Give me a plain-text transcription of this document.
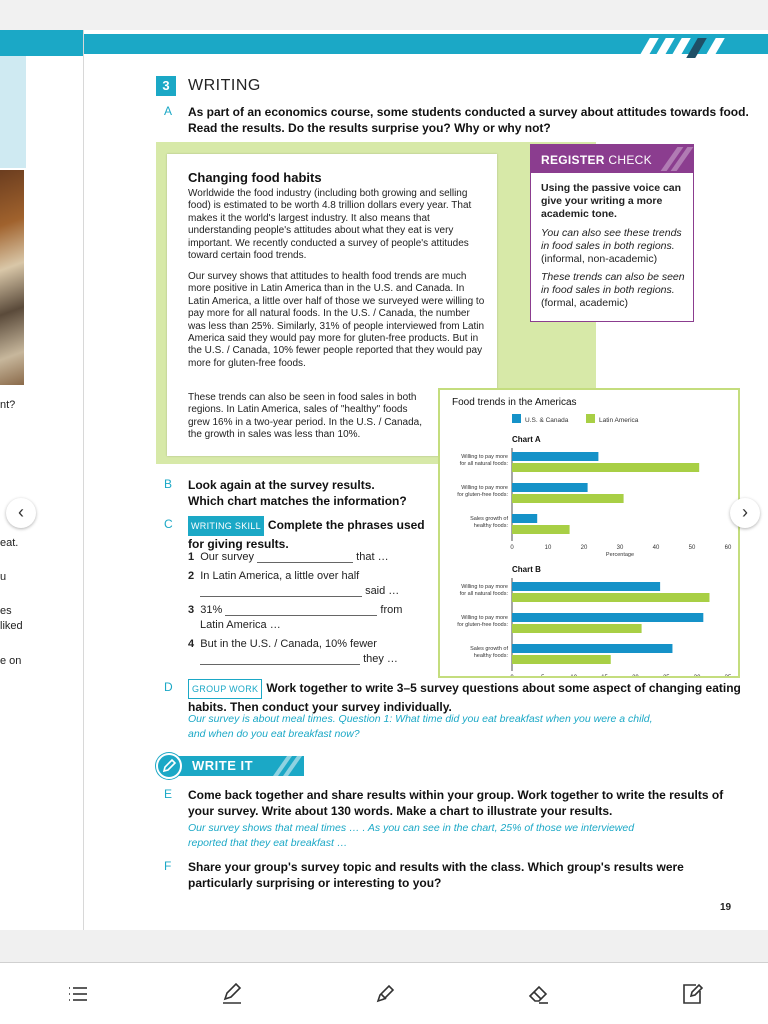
nt?
eat.
u
es
liked
e on
3	WRITING
A As part of an economics course, some students conducted a survey about attitudes towards food.
Read the results. Do the results surprise you? Why or why not?
Changing food habits
Worldwide the food industry (including both growing and selling food) is estimated to be worth 4.8 trillion dollars every year. That makes it the world's largest industry. It also means that understanding people's attitudes about what they eat is very important. We recently conducted a survey of people's attitudes toward certain food trends.
Our survey shows that attitudes to health food trends are much more positive in Latin America than in the U.S. and Canada. In Latin America, a little over half of those we surveyed were willing to pay more for all natural foods. In the U.S. / Canada, the number was less than 25%. Similarly, 31% of people interviewed from Latin America said they would pay more for gluten-free products. But in the U.S. / Canada, 10% fewer people reported that they would pay more for gluten-free foods.
These trends can also be seen in food sales in both regions. In Latin America, sales of "healthy" foods grew 16% in a two-year period. In the U.S. / Canada, the growth in sales was less than 10%.
REGISTER CHECK
Using the passive voice can give your writing a more academic tone.
You can also see these trends in food sales in both regions.
(informal, non-academic)
These trends can also be seen in food sales in both regions.
(formal, academic)
Food trends in the Americas
U.S. & Canada	Latin America
Chart A
Willing to pay more
for all natural foods:
Willing to pay more
for gluten-free foods:
Sales growth of
healthy foods:
0	10	20	30	40	50	60
Percentage
Chart B
Willing to pay more
for all natural foods:
Willing to pay more
for gluten-free foods:
Sales growth of
healthy foods:
B Look again at the survey results.
Which chart matches the information?
C	WRITING SKILL Complete the phrases used
for giving results.
1 Our survey	that …
2 In Latin America, a little over half
said …
3 31%	from
Latin America …
4 But in the U.S. / Canada, 10% fewer
they …
D	GROUP WORK Work together to write 3–5 survey questions about some aspect of changing eating
habits. Then conduct your survey individually.
Our survey is about meal times. Question 1: What time did you eat breakfast when you were a child,
and when do you eat breakfast now?
WRITE IT
E Come back together and share results within your group. Work together to write the results of
your survey. Write about 130 words. Make a chart to illustrate your results.
Our survey shows that meal times … . As you can see in the chart, 25% of those we interviewed
reported that they eat breakfast …
F Share your group's survey topic and results with the class. Which group's results were
particularly surprising or interesting to you?
19
‹	›
